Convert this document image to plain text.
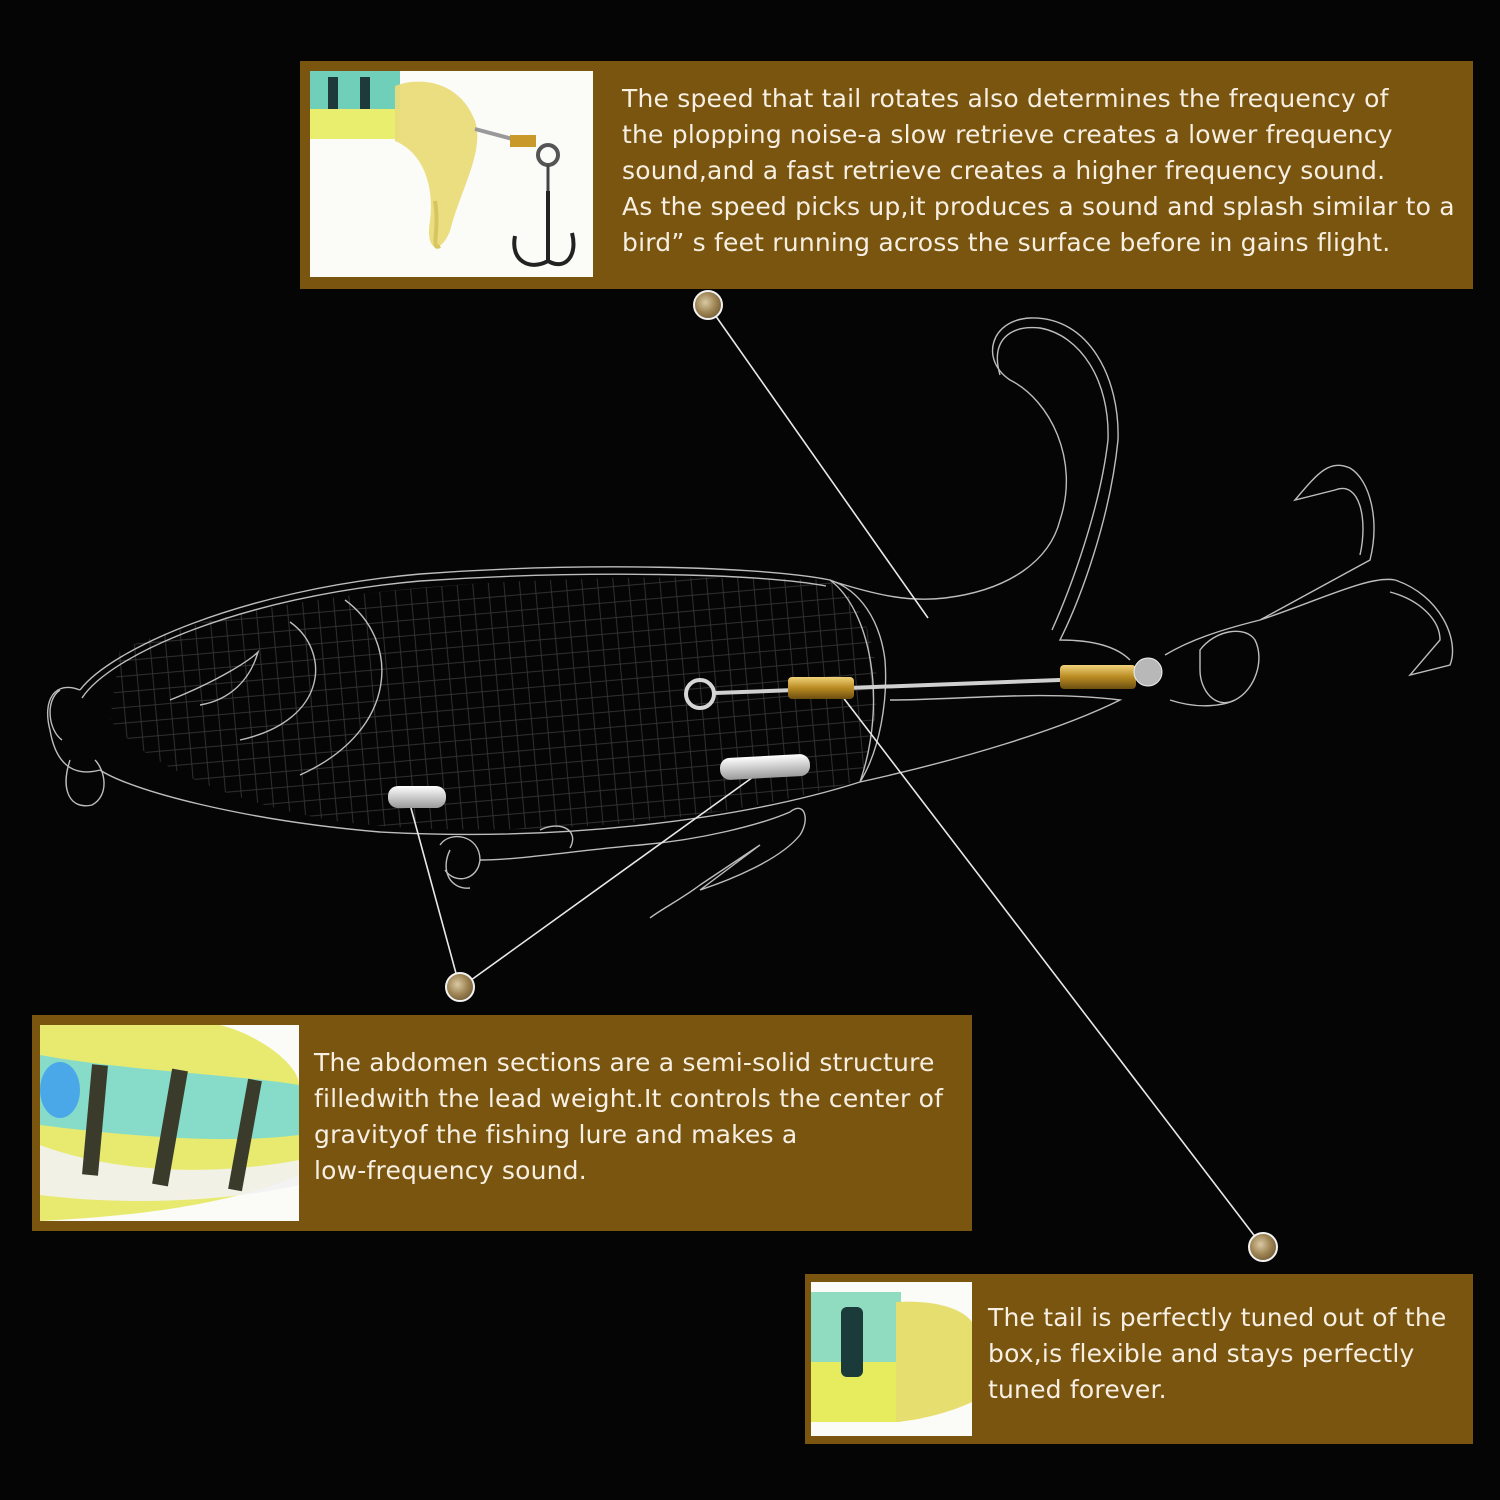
The speed that tail rotates also determines the frequency of
the plopping noise-a slow retrieve creates a lower frequency
sound,and a fast retrieve creates a higher frequency sound.
As the speed picks up,it produces a sound and splash similar to a
bird” s feet running across the surface before in gains flight.
The abdomen sections are a semi-solid structure
filledwith the lead weight.It controls the center of
gravityof the fishing lure and makes a
low-frequency sound.
The tail is perfectly tuned out of the
box,is flexible and stays perfectly
tuned forever.
